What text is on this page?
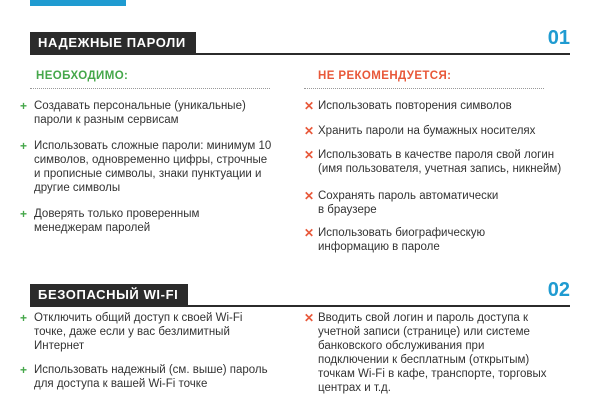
НАДЕЖНЫЕ ПАРОЛИ	01
НЕОБХОДИМО:	НЕ РЕКОМЕНДУЕТСЯ:
+ Создавать персональные (уникальные)
пароли к разным сервисам
+ Использовать сложные пароли: минимум 10
символов, одновременно цифры, строчные
и прописные символы, знаки пунктуации и
другие символы
+ Доверять только проверенным
менеджерам паролей
✕ Использовать повторения символов
✕ Хранить пароли на бумажных носителях
✕ Использовать в качестве пароля свой логин
(имя пользователя, учетная запись, никнейм)
✕ Сохранять пароль автоматически
в браузере
✕ Использовать биографическую
информацию в пароле
БЕЗОПАСНЫЙ WI-FI	02
+ Отключить общий доступ к своей Wi-Fi
точке, даже если у вас безлимитный
Интернет
+ Использовать надежный (см. выше) пароль
для доступа к вашей Wi-Fi точке
✕ Вводить свой логин и пароль доступа к
учетной записи (странице) или системе
банковского обслуживания при
подключении к бесплатным (открытым)
точкам Wi-Fi в кафе, транспорте, торговых
центрах и т.д.
